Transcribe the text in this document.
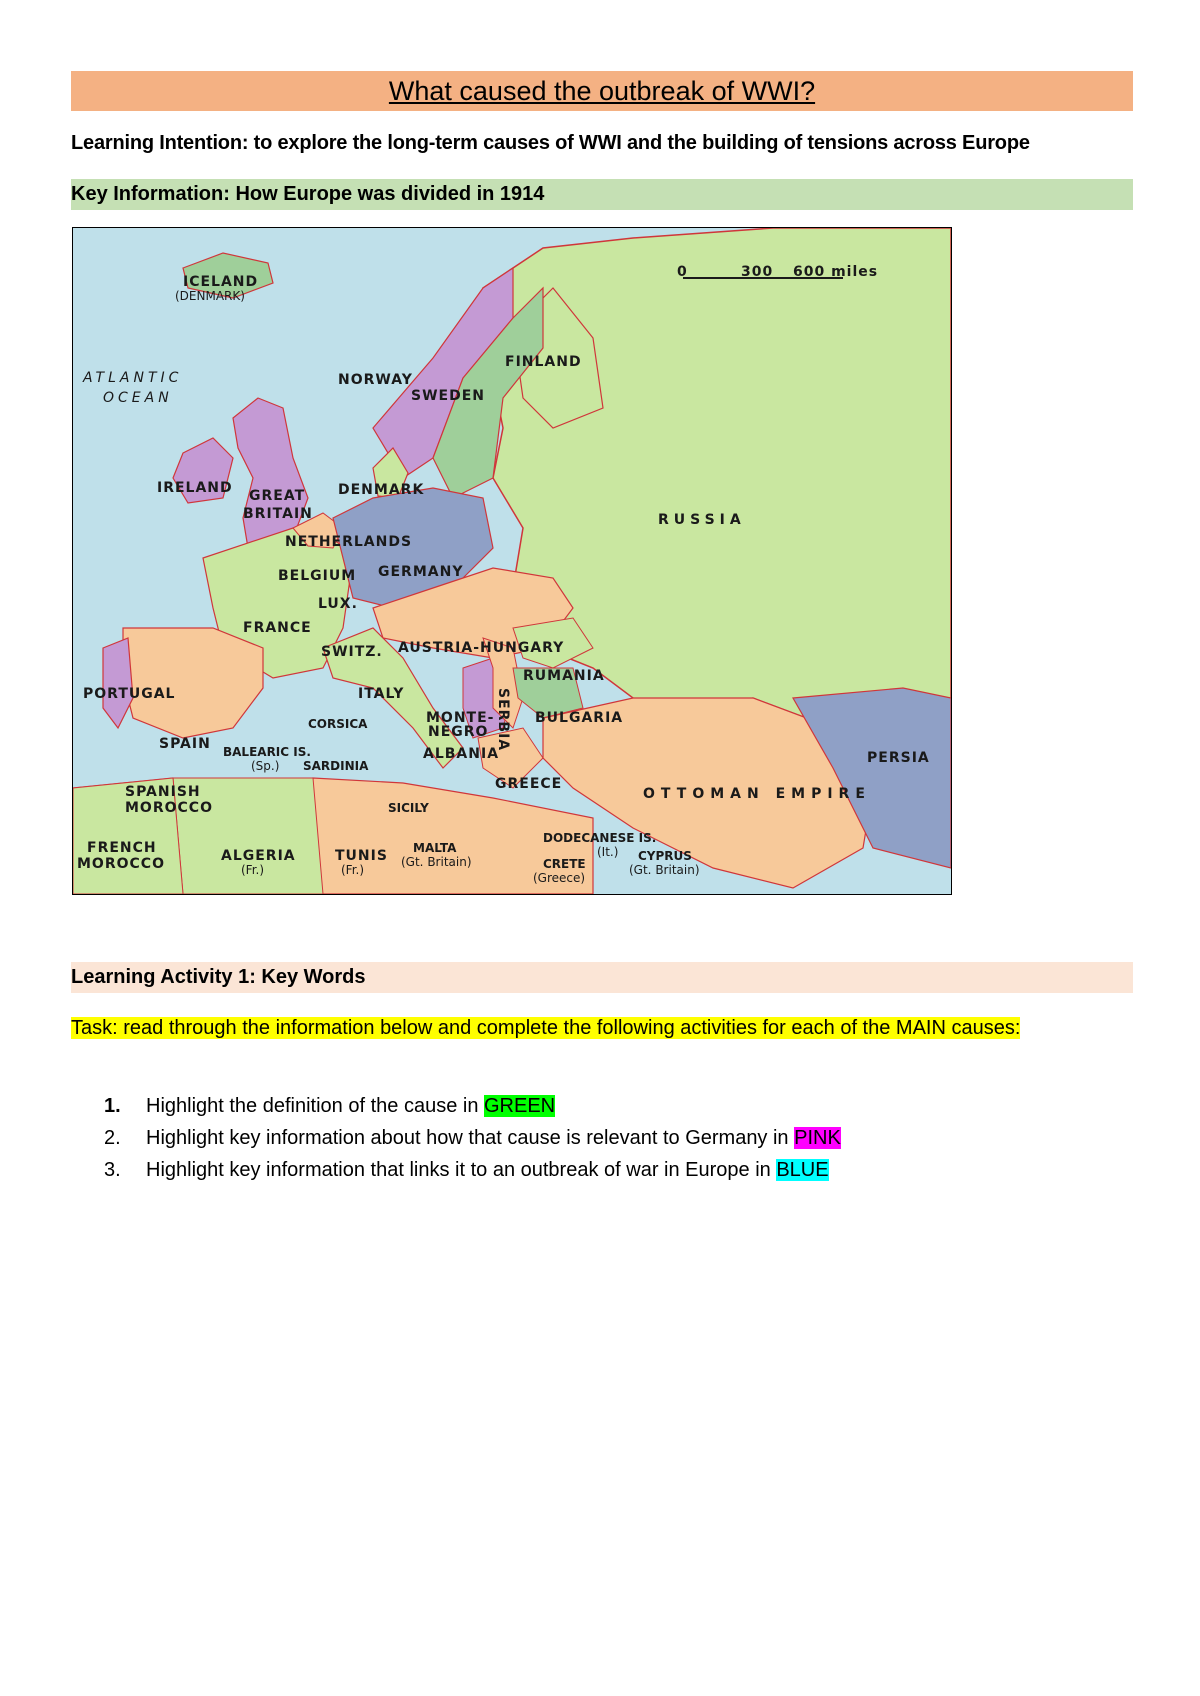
What caused the outbreak of WWI?
Learning Intention: to explore the long-term causes of WWI and the building of tensions across Europe
Key Information: How Europe was divided in 1914
0	300 600 miles
ICELAND
(DENMARK)
ATLANTIC
OCEAN
NORWAY
SWEDEN
FINLAND
RUSSIA
IRELAND GREAT
BRITAIN
DENMARK
NETHERLANDS
BELGIUM GERMANY
LUX.
FRANCE
SWITZ. AUSTRIA-HUNGARY
RUMANIA
PORTUGAL	ITALY	SERBIA
MONTE-
NEGRO
BULGARIA
CORSICA
SPAIN BALEARIC IS.
(Sp.) SARDINIA
ALBANIA	PERSIA
GREECE
SPANISH
MOROCCO
OTTOMAN EMPIRE
SICILY
FRENCH
MOROCCO	ALGERIA
(Fr.)
TUNIS
(Fr.)
MALTA
(Gt. Britain)
DODECANESE IS.
(It.)
CRETE
(Greece)
CYPRUS
(Gt. Britain)
Learning Activity 1: Key Words
Task: read through the information below and complete the following activities for each of the MAIN causes:
1. Highlight the definition of the cause in GREEN
2. Highlight key information about how that cause is relevant to Germany in PINK
3. Highlight key information that links it to an outbreak of war in Europe in BLUE
